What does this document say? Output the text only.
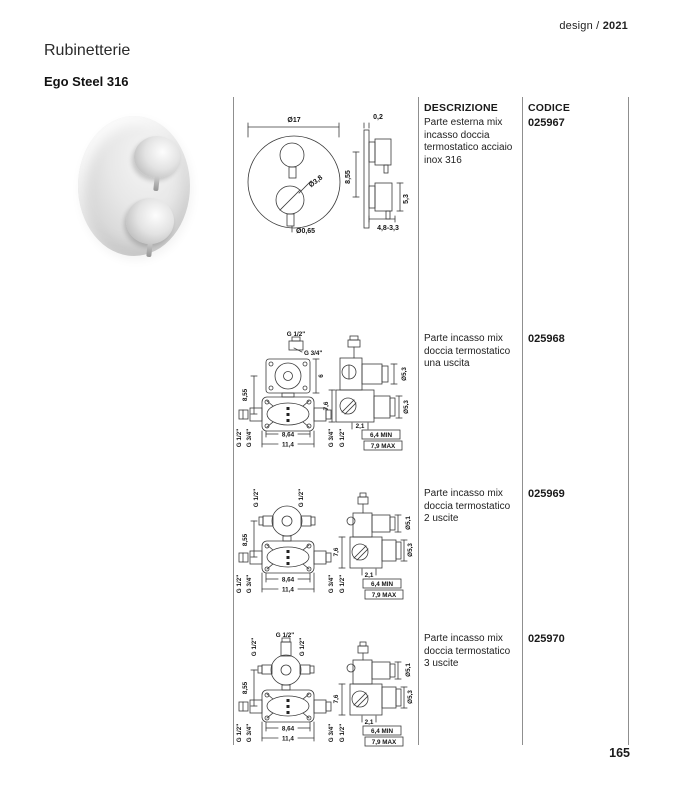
design / 2021
Rubinetterie
Ego Steel 316
DESCRIZIONE	CODICE
Parte esterna mix incasso doccia termostatico acciaio inox 316
025967
Parte incasso mix doccia termostatico una uscita
025968
Parte incasso mix doccia termostatico 2 uscite
025969
Parte incasso mix doccia termostatico 3 uscite
025970
Ø17
Ø3,8
Ø0,65
0,2
8,55
5,3
4,8-3,3
G 1/2"
G 3/4"
6
8,55
G 1/2" G 3/4"	8,64
11,4	G 3/4" G 1/2"
7,6
Ø5,3
Ø5,3
2,1
6,4 MIN
7,9 MAX
G 1/2"	G 1/2"
8,55
G 1/2" G 3/4"	8,64
11,4	G 3/4" G 1/2"
7,6
Ø5,1
Ø5,3
2,1
6,4 MIN
7,9 MAX
G 1/2"
G 1/2"	G 1/2"
8,55
G 1/2" G 3/4"	8,64
11,4	G 3/4" G 1/2"
7,6
Ø5,1
Ø5,3
2,1
6,4 MIN
7,9 MAX
165
